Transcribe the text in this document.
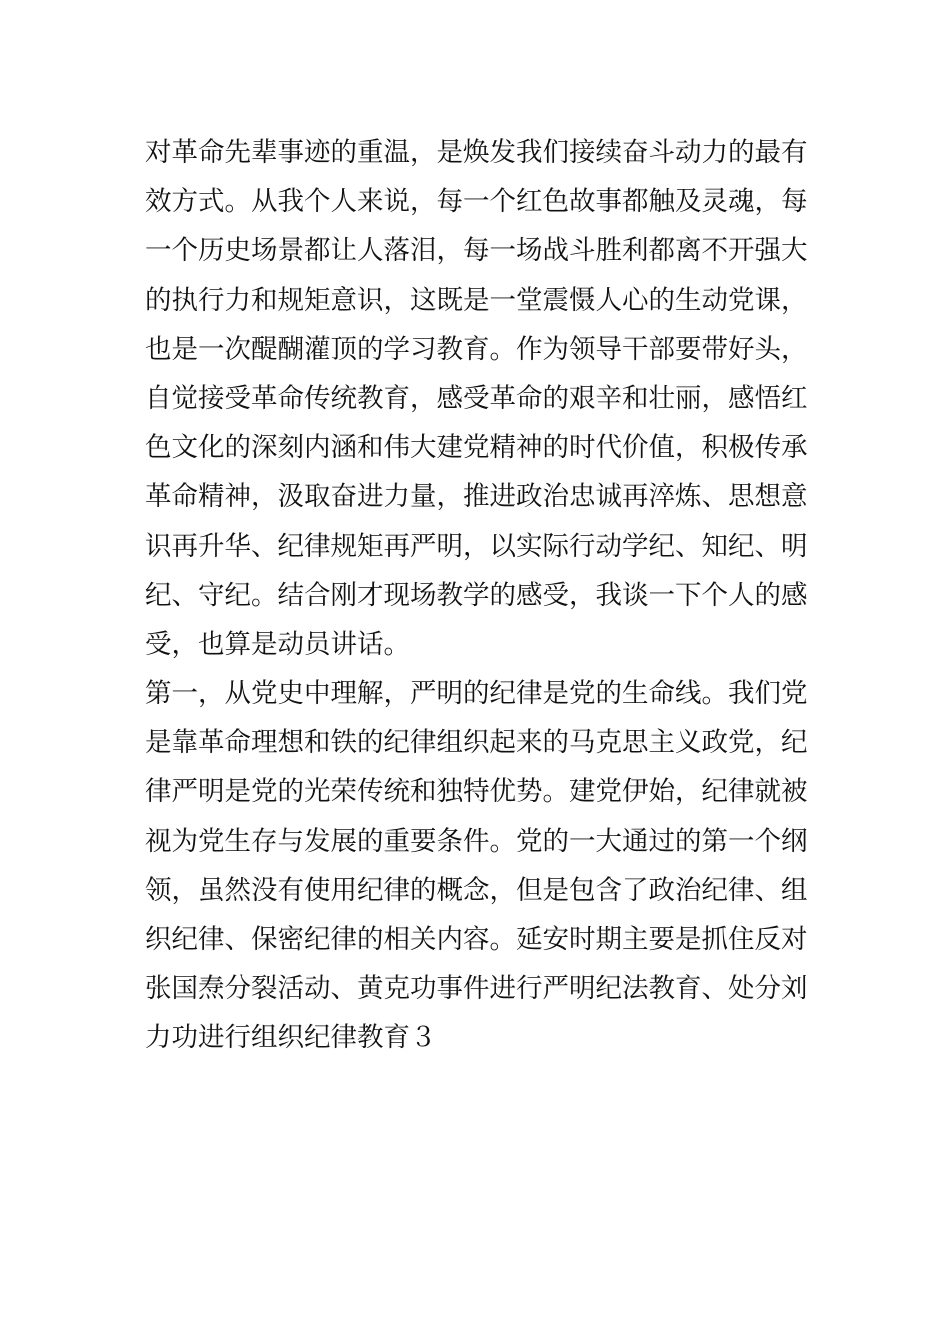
对革命先辈事迹的重温，是焕发我们接续奋斗动力的最有
效方式。从我个人来说，每一个红色故事都触及灵魂，每
一个历史场景都让人落泪，每一场战斗胜利都离不开强大
的执行力和规矩意识，这既是一堂震慑人心的生动党课，
也是一次醍醐灌顶的学习教育。作为领导干部要带好头，
自觉接受革命传统教育，感受革命的艰辛和壮丽，感悟红
色文化的深刻内涵和伟大建党精神的时代价值，积极传承
革命精神，汲取奋进力量，推进政治忠诚再淬炼、思想意
识再升华、纪律规矩再严明，以实际行动学纪、知纪、明
纪、守纪。结合刚才现场教学的感受，我谈一下个人的感
受，也算是动员讲话。
第一，从党史中理解，严明的纪律是党的生命线。我们党
是靠革命理想和铁的纪律组织起来的马克思主义政党，纪
律严明是党的光荣传统和独特优势。建党伊始，纪律就被
视为党生存与发展的重要条件。党的一大通过的第一个纲
领，虽然没有使用纪律的概念，但是包含了政治纪律、组
织纪律、保密纪律的相关内容。延安时期主要是抓住反对
张国焘分裂活动、黄克功事件进行严明纪法教育、处分刘
力功进行组织纪律教育３
